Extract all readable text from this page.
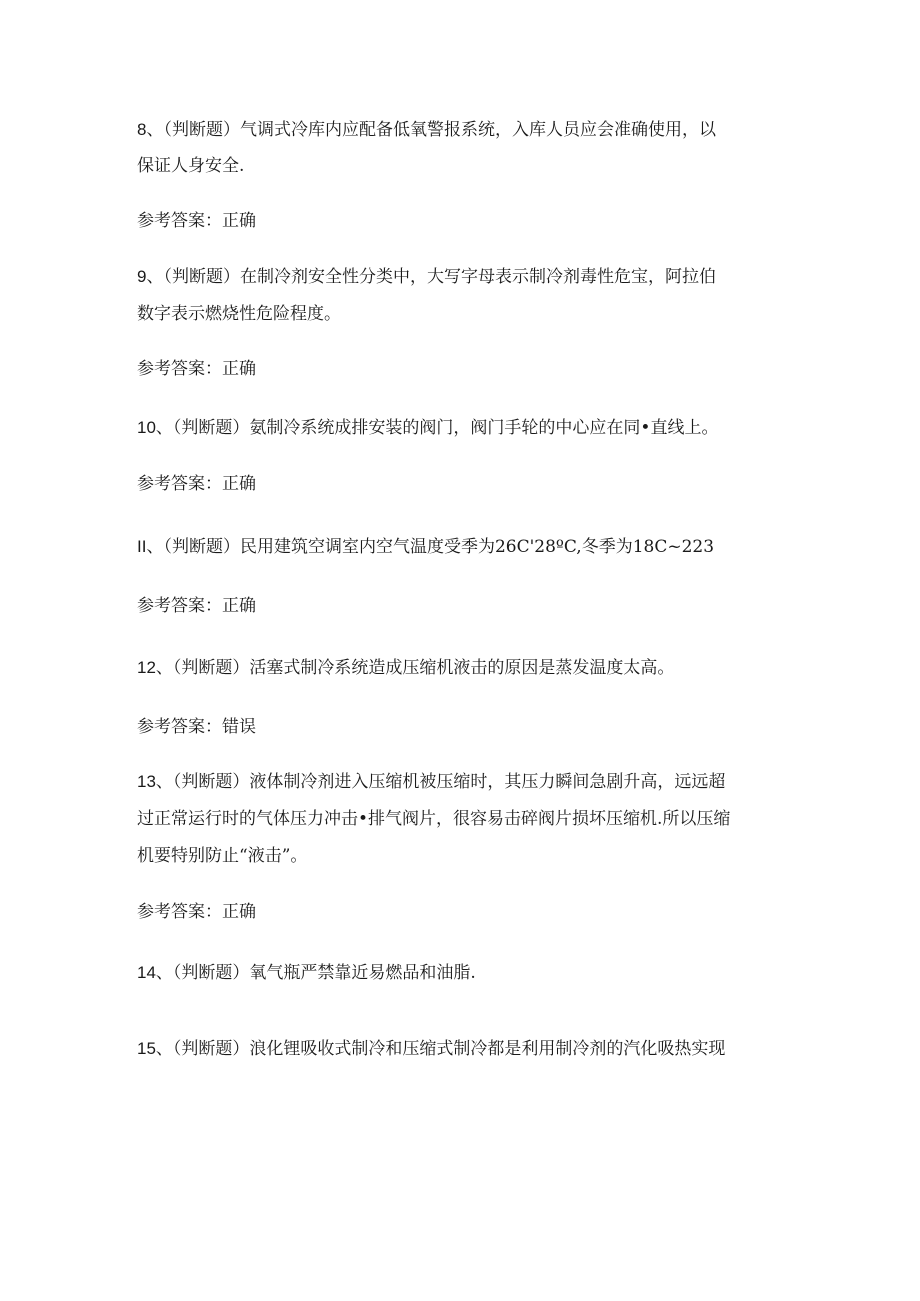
8、（判断题）气调式冷库内应配备低氧警报系统，入库人员应会准确使用，以
保证人身安全.
参考答案：正确
9、（判断题）在制冷剂安全性分类中，大写字母表示制冷剂毒性危宝，阿拉伯
数字表示燃烧性危险程度。
参考答案：正确
10、（判断题）氨制冷系统成排安装的阀门，阀门手轮的中心应在同•直线上。
参考答案：正确
II、（判断题）民用建筑空调室内空气温度受季为26C'28ºC,冬季为18C~223
参考答案：正确
12、（判断题）活塞式制冷系统造成压缩机液击的原因是蒸发温度太高。
参考答案：错误
13、（判断题）液体制冷剂进入压缩机被压缩时，其压力瞬间急剧升高，远远超
过正常运行时的气体压力冲击•排气阀片，很容易击碎阀片损坏压缩机.所以压缩
机要特别防止“液击”。
参考答案：正确
14、（判断题）氧气瓶严禁靠近易燃品和油脂.
15、（判断题）浪化锂吸收式制冷和压缩式制冷都是利用制冷剂的汽化吸热实现
